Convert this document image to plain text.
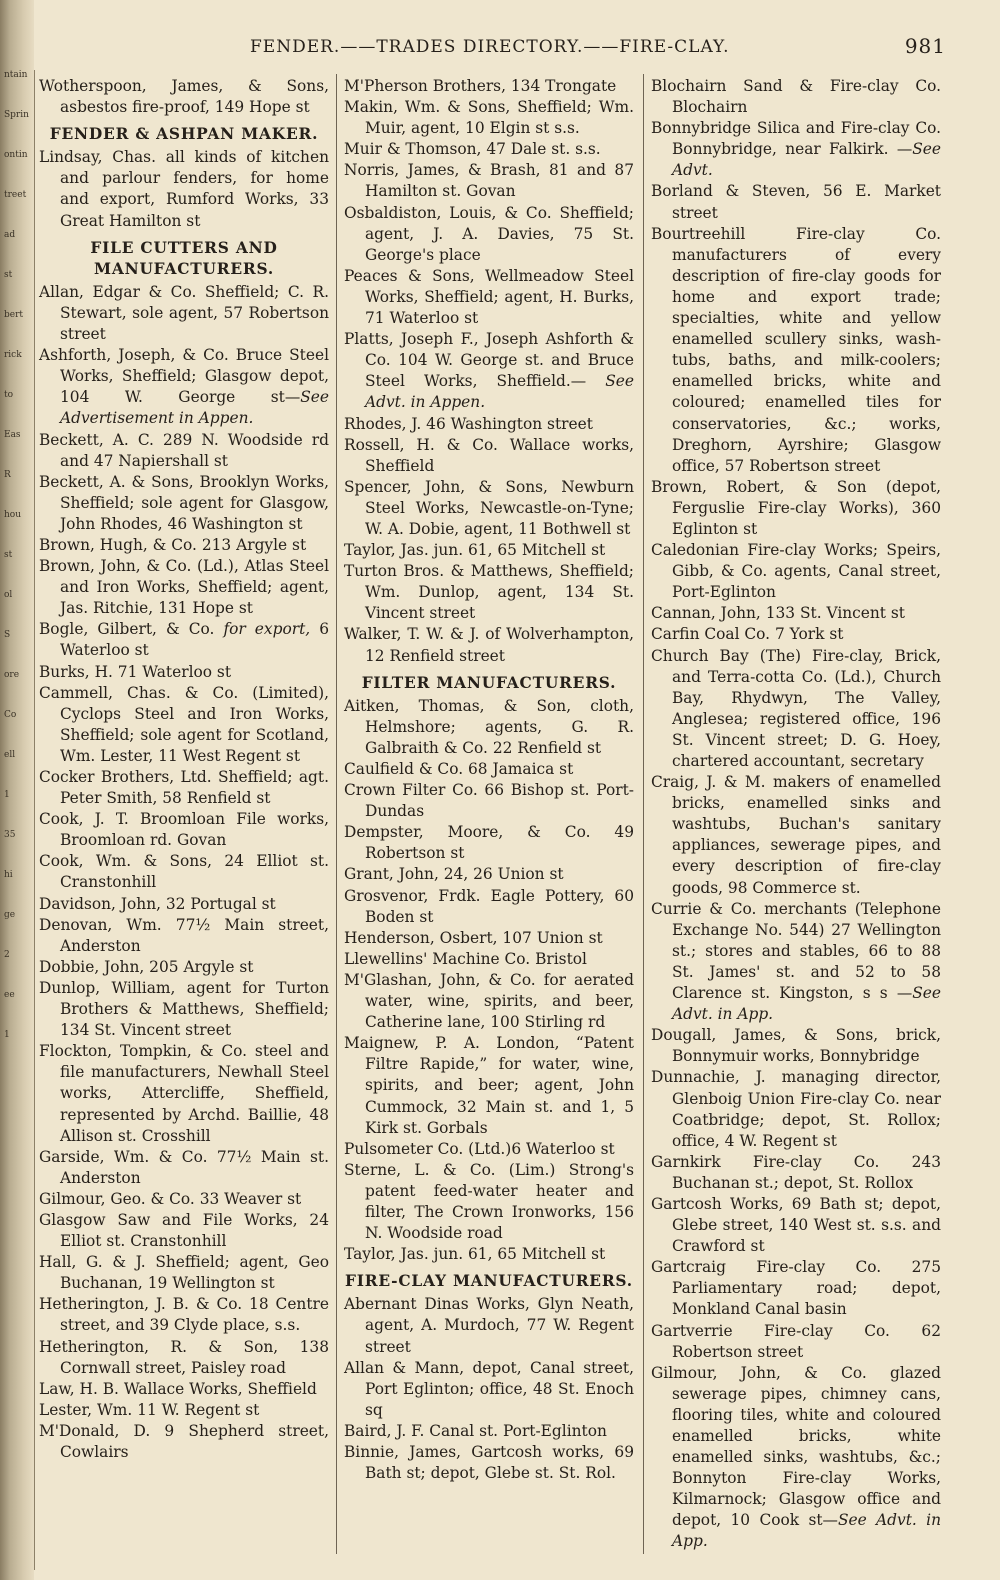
ntain
Sprin
ontin
treet
ad
st
bert
rick
to
Eas
R
hou
st
ol
S
ore
Co
ell
1
35
hi
ge
2
ee
1
FENDER.——TRADES DIRECTORY.——FIRE-CLAY.	981
Wotherspoon, James, & Sons, asbestos fire-proof, 149 Hope st
FENDER & ASHPAN MAKER.
Lindsay, Chas. all kinds of kitchen and parlour fenders, for home and export, Rumford Works, 33 Great Hamilton st
FILE CUTTERS AND MANUFACTURERS.
Allan, Edgar & Co. Sheffield; C. R. Stewart, sole agent, 57 Robertson street
Ashforth, Joseph, & Co. Bruce Steel Works, Sheffield; Glasgow depot, 104 W. George st—See Advertisement in Appen.
Beckett, A. C. 289 N. Woodside rd and 47 Napiershall st
Beckett, A. & Sons, Brooklyn Works, Sheffield; sole agent for Glasgow, John Rhodes, 46 Washington st
Brown, Hugh, & Co. 213 Argyle st
Brown, John, & Co. (Ld.), Atlas Steel and Iron Works, Sheffield; agent, Jas. Ritchie, 131 Hope st
Bogle, Gilbert, & Co. for export, 6 Waterloo st
Burks, H. 71 Waterloo st
Cammell, Chas. & Co. (Limited), Cyclops Steel and Iron Works, Sheffield; sole agent for Scotland, Wm. Lester, 11 West Regent st
Cocker Brothers, Ltd. Sheffield; agt. Peter Smith, 58 Renfield st
Cook, J. T. Broomloan File works, Broomloan rd. Govan
Cook, Wm. & Sons, 24 Elliot st. Cranstonhill
Davidson, John, 32 Portugal st
Denovan, Wm. 77½ Main street, Anderston
Dobbie, John, 205 Argyle st
Dunlop, William, agent for Turton Brothers & Matthews, Sheffield; 134 St. Vincent street
Flockton, Tompkin, & Co. steel and file manufacturers, Newhall Steel works, Attercliffe, Sheffield, represented by Archd. Baillie, 48 Allison st. Crosshill
Garside, Wm. & Co. 77½ Main st. Anderston
Gilmour, Geo. & Co. 33 Weaver st
Glasgow Saw and File Works, 24 Elliot st. Cranstonhill
Hall, G. & J. Sheffield; agent, Geo Buchanan, 19 Wellington st
Hetherington, J. B. & Co. 18 Centre street, and 39 Clyde place, s.s.
Hetherington, R. & Son, 138 Cornwall street, Paisley road
Law, H. B. Wallace Works, Sheffield
Lester, Wm. 11 W. Regent st
M'Donald, D. 9 Shepherd street, Cowlairs
M'Pherson Brothers, 134 Trongate
Makin, Wm. & Sons, Sheffield; Wm. Muir, agent, 10 Elgin st s.s.
Muir & Thomson, 47 Dale st. s.s.
Norris, James, & Brash, 81 and 87 Hamilton st. Govan
Osbaldiston, Louis, & Co. Sheffield; agent, J. A. Davies, 75 St. George's place
Peaces & Sons, Wellmeadow Steel Works, Sheffield; agent, H. Burks, 71 Waterloo st
Platts, Joseph F., Joseph Ashforth & Co. 104 W. George st. and Bruce Steel Works, Sheffield.— See Advt. in Appen.
Rhodes, J. 46 Washington street
Rossell, H. & Co. Wallace works, Sheffield
Spencer, John, & Sons, Newburn Steel Works, Newcastle-on-Tyne; W. A. Dobie, agent, 11 Bothwell st
Taylor, Jas. jun. 61, 65 Mitchell st
Turton Bros. & Matthews, Sheffield; Wm. Dunlop, agent, 134 St. Vincent street
Walker, T. W. & J. of Wolverhampton, 12 Renfield street
FILTER MANUFACTURERS.
Aitken, Thomas, & Son, cloth, Helmshore; agents, G. R. Galbraith & Co. 22 Renfield st
Caulfield & Co. 68 Jamaica st
Crown Filter Co. 66 Bishop st. Port-Dundas
Dempster, Moore, & Co. 49 Robertson st
Grant, John, 24, 26 Union st
Grosvenor, Frdk. Eagle Pottery, 60 Boden st
Henderson, Osbert, 107 Union st
Llewellins' Machine Co. Bristol
M'Glashan, John, & Co. for aerated water, wine, spirits, and beer, Catherine lane, 100 Stirling rd
Maignew, P. A. London, “Patent Filtre Rapide,” for water, wine, spirits, and beer; agent, John Cummock, 32 Main st. and 1, 5 Kirk st. Gorbals
Pulsometer Co. (Ltd.)6 Waterloo st
Sterne, L. & Co. (Lim.) Strong's patent feed-water heater and filter, The Crown Ironworks, 156 N. Woodside road
Taylor, Jas. jun. 61, 65 Mitchell st
FIRE-CLAY MANUFACTURERS.
Abernant Dinas Works, Glyn Neath, agent, A. Murdoch, 77 W. Regent street
Allan & Mann, depot, Canal street, Port Eglinton; office, 48 St. Enoch sq
Baird, J. F. Canal st. Port-Eglinton
Binnie, James, Gartcosh works, 69 Bath st; depot, Glebe st. St. Rol.
Blochairn Sand & Fire-clay Co. Blochairn
Bonnybridge Silica and Fire-clay Co. Bonnybridge, near Falkirk. —See Advt.
Borland & Steven, 56 E. Market street
Bourtreehill Fire-clay Co. manufacturers of every description of fire-clay goods for home and export trade; specialties, white and yellow enamelled scullery sinks, wash-tubs, baths, and milk-coolers; enamelled bricks, white and coloured; enamelled tiles for conservatories, &c.; works, Dreghorn, Ayrshire; Glasgow office, 57 Robertson street
Brown, Robert, & Son (depot, Ferguslie Fire-clay Works), 360 Eglinton st
Caledonian Fire-clay Works; Speirs, Gibb, & Co. agents, Canal street, Port-Eglinton
Cannan, John, 133 St. Vincent st
Carfin Coal Co. 7 York st
Church Bay (The) Fire-clay, Brick, and Terra-cotta Co. (Ld.), Church Bay, Rhydwyn, The Valley, Anglesea; registered office, 196 St. Vincent street; D. G. Hoey, chartered accountant, secretary
Craig, J. & M. makers of enamelled bricks, enamelled sinks and washtubs, Buchan's sanitary appliances, sewerage pipes, and every description of fire-clay goods, 98 Commerce st.
Currie & Co. merchants (Telephone Exchange No. 544) 27 Wellington st.; stores and stables, 66 to 88 St. James' st. and 52 to 58 Clarence st. Kingston, s s —See Advt. in App.
Dougall, James, & Sons, brick, Bonnymuir works, Bonnybridge
Dunnachie, J. managing director, Glenboig Union Fire-clay Co. near Coatbridge; depot, St. Rollox; office, 4 W. Regent st
Garnkirk Fire-clay Co. 243 Buchanan st.; depot, St. Rollox
Gartcosh Works, 69 Bath st; depot, Glebe street, 140 West st. s.s. and Crawford st
Gartcraig Fire-clay Co. 275 Parliamentary road; depot, Monkland Canal basin
Gartverrie Fire-clay Co. 62 Robertson street
Gilmour, John, & Co. glazed sewerage pipes, chimney cans, flooring tiles, white and coloured enamelled bricks, white enamelled sinks, washtubs, &c.; Bonnyton Fire-clay Works, Kilmarnock; Glasgow office and depot, 10 Cook st—See Advt. in App.
